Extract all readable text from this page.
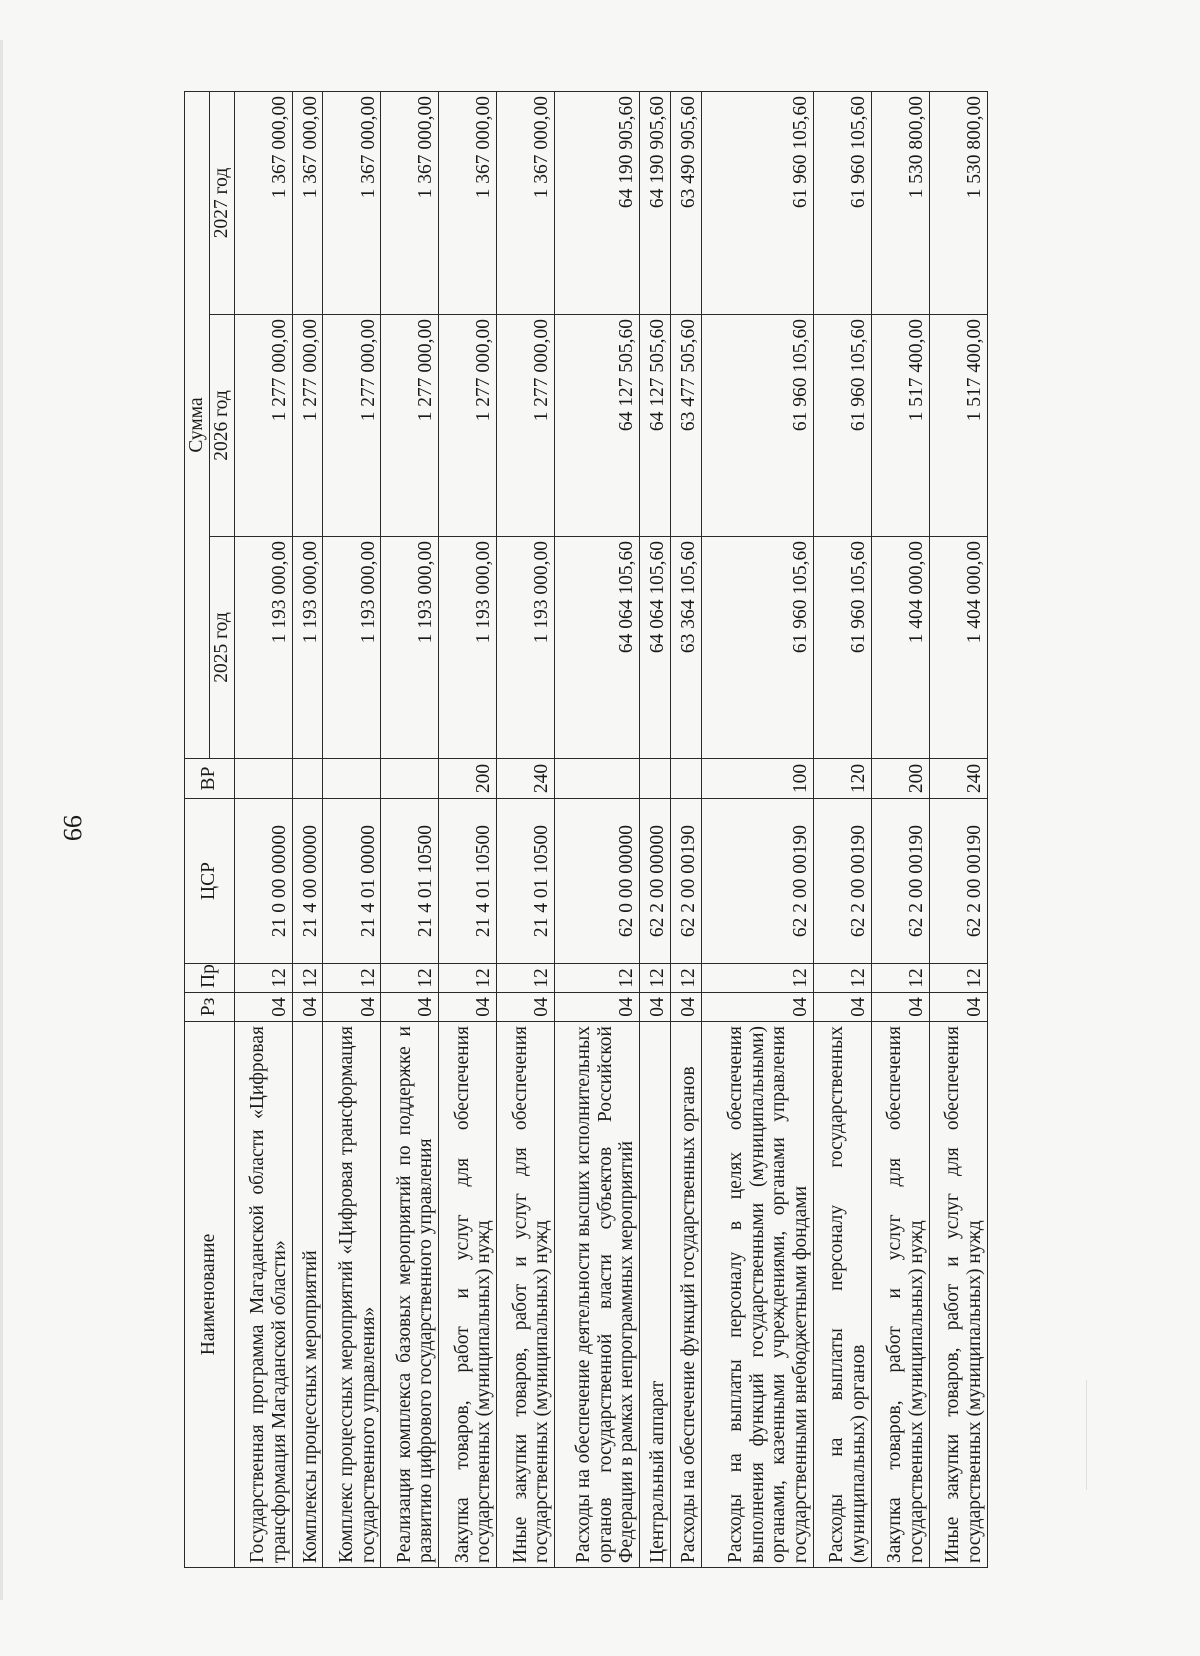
99
Наименование	Рз	Пр	ЦСР	ВР	Сумма		
					2025 год	2026 год	2027 год
Государственная программа Магаданской области «Цифровая трансформация Магаданской области»	04	12	21 0 00 00000		1 193 000,00	1 277 000,00	1 367 000,00
Комплексы процессных мероприятий	04	12	21 4 00 00000		1 193 000,00	1 277 000,00	1 367 000,00
Комплекс процессных мероприятий «Цифровая трансформация государственного управления»	04	12	21 4 01 00000		1 193 000,00	1 277 000,00	1 367 000,00
Реализация комплекса базовых мероприятий по поддержке и развитию цифрового государственного управления	04	12	21 4 01 10500		1 193 000,00	1 277 000,00	1 367 000,00
Закупка товаров, работ и услуг для обеспечения государственных (муниципальных) нужд	04	12	21 4 01 10500	200	1 193 000,00	1 277 000,00	1 367 000,00
Иные закупки товаров, работ и услуг для обеспечения государственных (муниципальных) нужд	04	12	21 4 01 10500	240	1 193 000,00	1 277 000,00	1 367 000,00
Расходы на обеспечение деятельности высших исполнительных органов государственной власти субъектов Российской Федерации в рамках непрограммных мероприятий	04	12	62 0 00 00000		64 064 105,60	64 127 505,60	64 190 905,60
Центральный аппарат	04	12	62 2 00 00000		64 064 105,60	64 127 505,60	64 190 905,60
Расходы на обеспечение функций государственных органов	04	12	62 2 00 00190		63 364 105,60	63 477 505,60	63 490 905,60
Расходы на выплаты персоналу в целях обеспечения выполнения функций государственными (муниципальными) органами, казенными учреждениями, органами управления государственными внебюджетными фондами	04	12	62 2 00 00190	100	61 960 105,60	61 960 105,60	61 960 105,60
Расходы на выплаты персоналу государственных (муниципальных) органов	04	12	62 2 00 00190	120	61 960 105,60	61 960 105,60	61 960 105,60
Закупка товаров, работ и услуг для обеспечения государственных (муниципальных) нужд	04	12	62 2 00 00190	200	1 404 000,00	1 517 400,00	1 530 800,00
Иные закупки товаров, работ и услуг для обеспечения государственных (муниципальных) нужд	04	12	62 2 00 00190	240	1 404 000,00	1 517 400,00	1 530 800,00
